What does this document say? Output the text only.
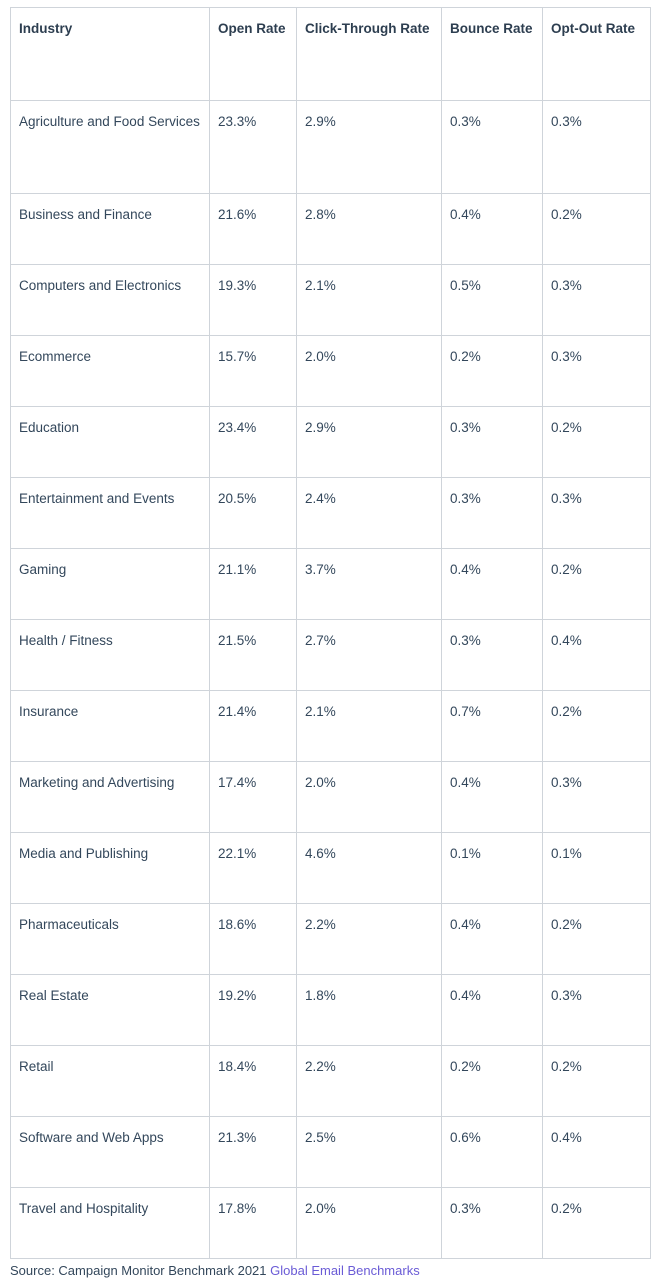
Industry	Open Rate	Click-Through Rate	Bounce Rate	Opt-Out Rate
Agriculture and Food Services	23.3%	2.9%	0.3%	0.3%
Business and Finance	21.6%	2.8%	0.4%	0.2%
Computers and Electronics	19.3%	2.1%	0.5%	0.3%
Ecommerce	15.7%	2.0%	0.2%	0.3%
Education	23.4%	2.9%	0.3%	0.2%
Entertainment and Events	20.5%	2.4%	0.3%	0.3%
Gaming	21.1%	3.7%	0.4%	0.2%
Health / Fitness	21.5%	2.7%	0.3%	0.4%
Insurance	21.4%	2.1%	0.7%	0.2%
Marketing and Advertising	17.4%	2.0%	0.4%	0.3%
Media and Publishing	22.1%	4.6%	0.1%	0.1%
Pharmaceuticals	18.6%	2.2%	0.4%	0.2%
Real Estate	19.2%	1.8%	0.4%	0.3%
Retail	18.4%	2.2%	0.2%	0.2%
Software and Web Apps	21.3%	2.5%	0.6%	0.4%
Travel and Hospitality	17.8%	2.0%	0.3%	0.2%
Source: Campaign Monitor Benchmark 2021 Global Email Benchmarks
